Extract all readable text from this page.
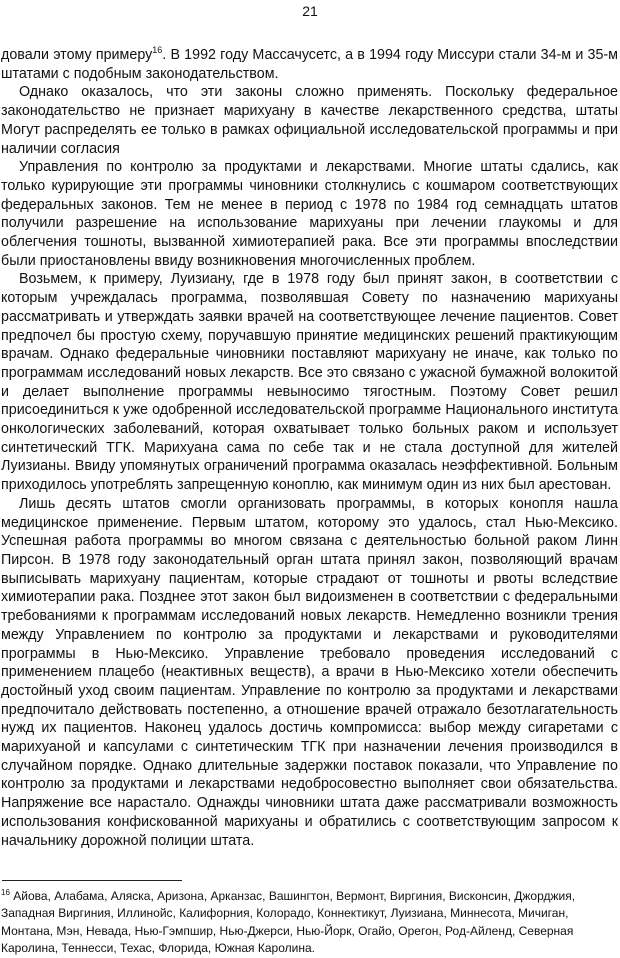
21

довали этому примеру$^{16}$. В 1992 году Массачусетс, а в 1994 году Миссури стали 34-м и 35-м штатами с подобным законодательством.

Однако оказалось, что эти законы сложно применять. Поскольку федеральное законодательство не признает марихуану в качестве лекарственного средства, штаты Могут распределять ее только в рамках официальной исследовательской программы и при наличии согласия

Управления по контролю за продуктами и лекарствами. Многие штаты сдались, как только курирующие эти программы чиновники столкнулись с кошмаром соответствующих федеральных законов. Тем не менее в период с 1978 по 1984 год семнадцать штатов получили разрешение на использование марихуаны при лечении глаукомы и для облегчения тошноты, вызванной химиотерапией рака. Все эти программы впоследствии были приостановлены ввиду возникновения многочисленных проблем.

Возьмем, к примеру, Луизиану, где в 1978 году был принят закон, в соответствии с которым учреждалась программа, позволявшая Совету по назначению марихуаны рассматривать и утверждать заявки врачей на соответствующее лечение пациентов. Совет предпочел бы простую схему, поручавшую принятие медицинских решений практикующим врачам. Однако федеральные чиновники поставляют марихуану не иначе, как только по программам исследований новых лекарств. Все это связано с ужасной бумажной волокитой и делает выполнение программы невыносимо тягостным. Поэтому Совет решил присоединиться к уже одобренной исследовательской программе Национального института онкологических заболеваний, которая охватывает только больных раком и использует синтетический ТГК. Марихуана сама по себе так и не стала доступной для жителей Луизианы. Ввиду упомянутых ограничений программа оказалась неэффективной. Больным приходилось употреблять запрещенную коноплю, как минимум один из них был арестован.

Лишь десять штатов смогли организовать программы, в которых конопля нашла медицинское применение. Первым штатом, которому это удалось, стал Нью-Мексико. Успешная работа программы во многом связана с деятельностью больной раком Линн Пирсон. В 1978 году законодательный орган штата принял закон, позволяющий врачам выписывать марихуану пациентам, которые страдают от тошноты и рвоты вследствие химиотерапии рака. Позднее этот закон был видоизменен в соответствии с федеральными требованиями к программам исследований новых лекарств. Немедленно возникли трения между Управлением по контролю за продуктами и лекарствами и руководителями программы в Нью-Мексико. Управление требовало проведения исследований с применением плацебо (неактивных веществ), а врачи в Нью-Мексико хотели обеспечить достойный уход своим пациентам. Управление по контролю за продуктами и лекарствами предпочитало действовать постепенно, а отношение врачей отражало безотлагательность нужд их пациентов. Наконец удалось достичь компромисса: выбор между сигаретами с марихуаной и капсулами с синтетическим ТГК при назначении лечения производился в случайном порядке. Однако длительные задержки поставок показали, что Управление по контролю за продуктами и лекарствами недобросовестно выполняет свои обязательства. Напряжение все нарастало. Однажды чиновники штата даже рассматривали возможность использования конфискованной марихуаны и обратились с соответствующим запросом к начальнику дорожной полиции штата.

$^{16}$ Айова, Алабама, Аляска, Аризона, Арканзас, Вашингтон, Вермонт, Виргиния, Висконсин, Джорджия, Западная Виргиния, Иллинойс, Калифорния, Колорадо, Коннектикут, Луизиана, Миннесота, Мичиган, Монтана, Мэн, Невада, Нью-Гэмпшир, Нью-Джерси, Нью-Йорк, Огайо, Орегон, Род-Айленд, Северная Каролина, Теннесси, Техас, Флорида, Южная Каролина.
